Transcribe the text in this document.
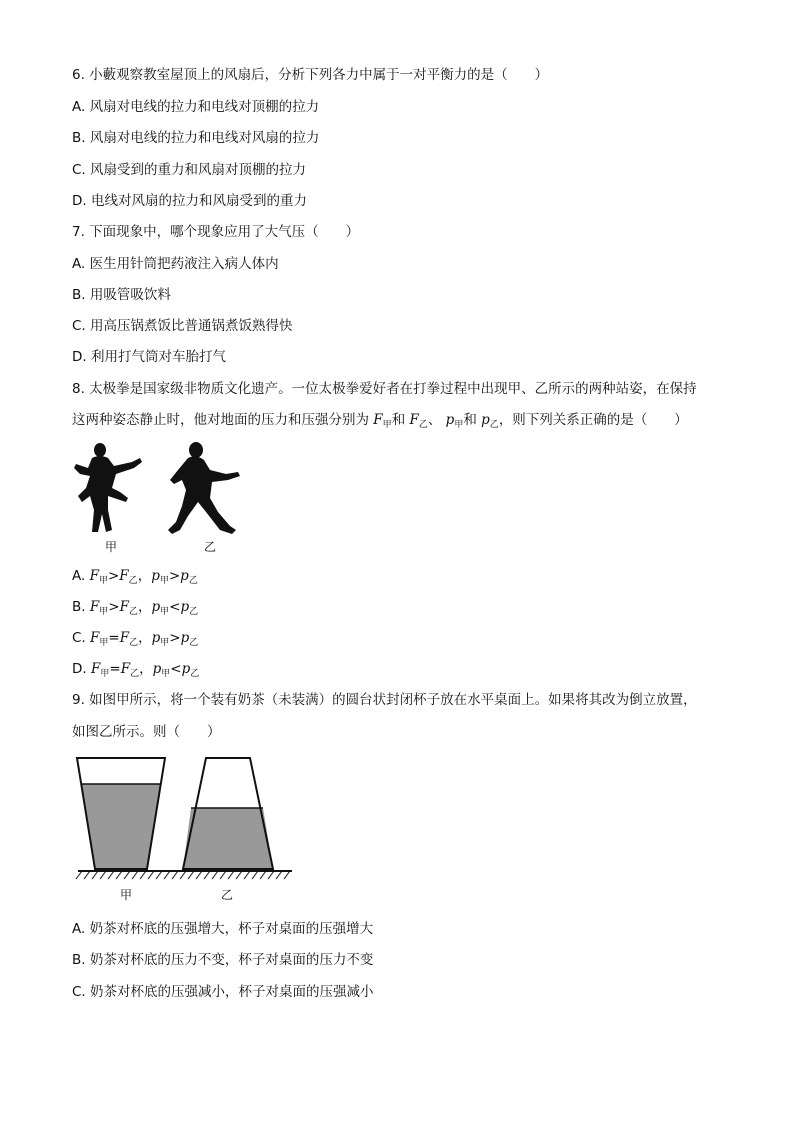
6. 小藪观察教室屋顶上的风扇后，分析下列各力中属于一对平衡力的是（　　）
A. 风扇对电线的拉力和电线对顶棚的拉力
B. 风扇对电线的拉力和电线对风扇的拉力
C. 风扇受到的重力和风扇对顶棚的拉力
D. 电线对风扇的拉力和风扇受到的重力
7. 下面现象中，哪个现象应用了大气压（　　）
A. 医生用针筒把药液注入病人体内
B. 用吸管吸饮料
C. 用高压锅煮饭比普通锅煮饭熟得快
D. 利用打气筒对车胎打气
8. 太极拳是国家级非物质文化遗产。一位太极拳爱好者在打拳过程中出现甲、乙所示的两种站姿，在保持
这两种姿态静止时，他对地面的压力和压强分别为 $F_甲$和 $F_乙$、 $p_甲$和 $p_乙$，则下列关系正确的是（　　）
甲	乙
A. $F_甲>F_乙$，$p_甲>p_乙$
B. $F_甲>F_乙$，$p_甲<p_乙$
C. $F_甲=F_乙$，$p_甲>p_乙$
D. $F_甲=F_乙$，$p_甲<p_乙$
9. 如图甲所示，将一个装有奶茶（未装满）的圆台状封闭杯子放在水平桌面上。如果将其改为倒立放置，
如图乙所示。则（　　）
甲	乙
A. 奶茶对杯底的压强增大，杯子对桌面的压强增大
B. 奶茶对杯底的压力不变，杯子对桌面的压力不变
C. 奶茶对杯底的压强减小，杯子对桌面的压强减小
